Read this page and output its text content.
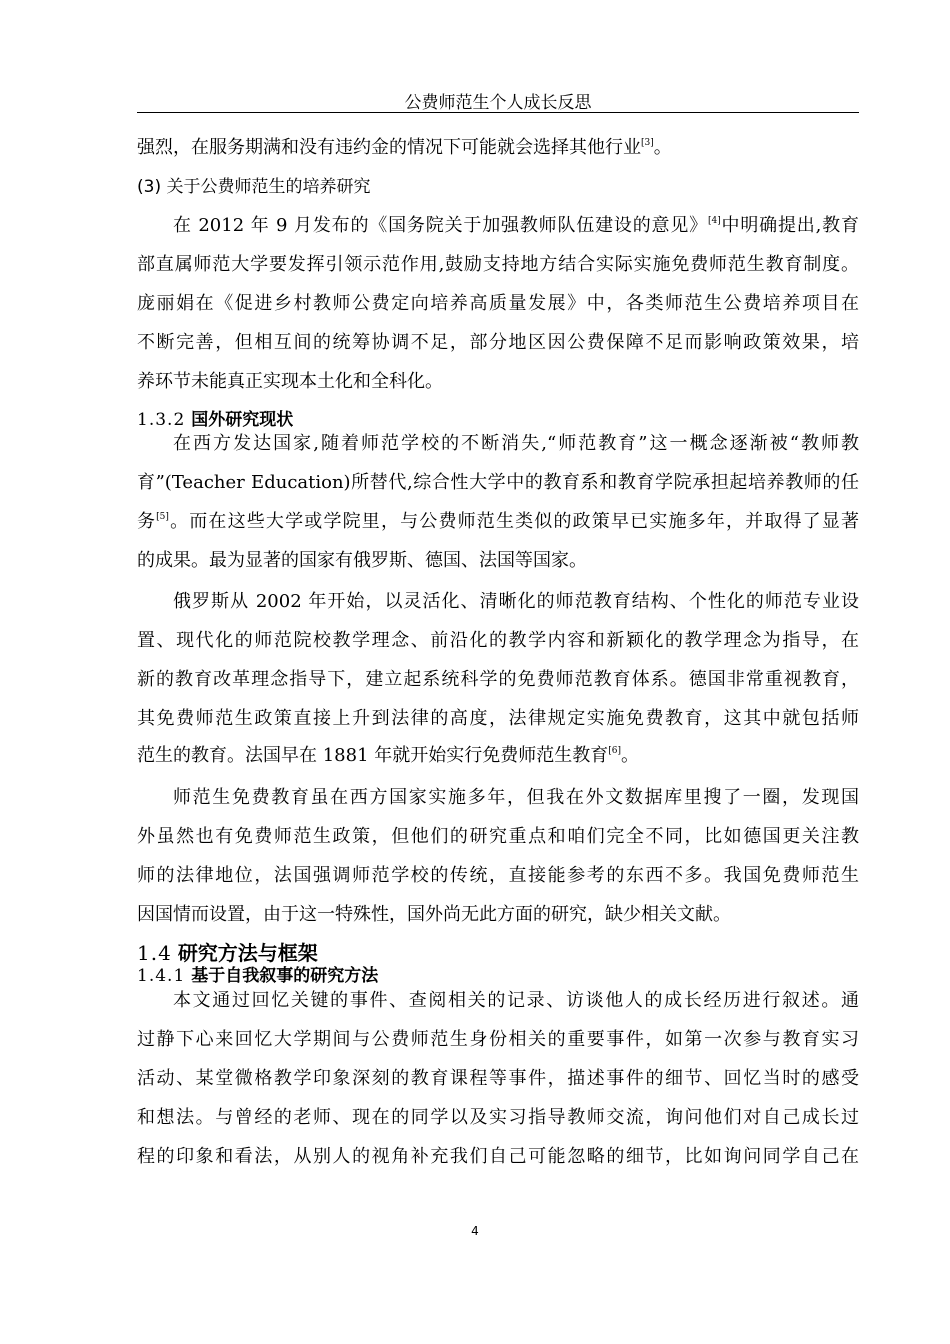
公费师范生个人成长反思
强烈，在服务期满和没有违约金的情况下可能就会选择其他行业[3]。
(3) 关于公费师范生的培养研究
在 2012 年 9 月发布的《国务院关于加强教师队伍建设的意见》[4]中明确提出,教育
部直属师范大学要发挥引领示范作用,鼓励支持地方结合实际实施免费师范生教育制度。
庞丽娟在《促进乡村教师公费定向培养高质量发展》中，各类师范生公费培养项目在
不断完善，但相互间的统筹协调不足，部分地区因公费保障不足而影响政策效果，培
养环节未能真正实现本土化和全科化。
1.3.2 国外研究现状
在西方发达国家,随着师范学校的不断消失,“师范教育”这一概念逐渐被“教师教
育”(Teacher Education)所替代,综合性大学中的教育系和教育学院承担起培养教师的任
务[5]。而在这些大学或学院里，与公费师范生类似的政策早已实施多年，并取得了显著
的成果。最为显著的国家有俄罗斯、德国、法国等国家。
俄罗斯从 2002 年开始，以灵活化、清晰化的师范教育结构、个性化的师范专业设
置、现代化的师范院校教学理念、前沿化的教学内容和新颖化的教学理念为指导，在
新的教育改革理念指导下，建立起系统科学的免费师范教育体系。德国非常重视教育，
其免费师范生政策直接上升到法律的高度，法律规定实施免费教育，这其中就包括师
范生的教育。法国早在 1881 年就开始实行免费师范生教育[6]。
师范生免费教育虽在西方国家实施多年，但我在外文数据库里搜了一圈，发现国
外虽然也有免费师范生政策，但他们的研究重点和咱们完全不同，比如德国更关注教
师的法律地位，法国强调师范学校的传统，直接能参考的东西不多。我国免费师范生
因国情而设置，由于这一特殊性，国外尚无此方面的研究，缺少相关文献。
1.4 研究方法与框架
1.4.1 基于自我叙事的研究方法
本文通过回忆关键的事件、查阅相关的记录、访谈他人的成长经历进行叙述。通
过静下心来回忆大学期间与公费师范生身份相关的重要事件，如第一次参与教育实习
活动、某堂微格教学印象深刻的教育课程等事件，描述事件的细节、回忆当时的感受
和想法。与曾经的老师、现在的同学以及实习指导教师交流，询问他们对自己成长过
程的印象和看法，从别人的视角补充我们自己可能忽略的细节，比如询问同学自己在
4
